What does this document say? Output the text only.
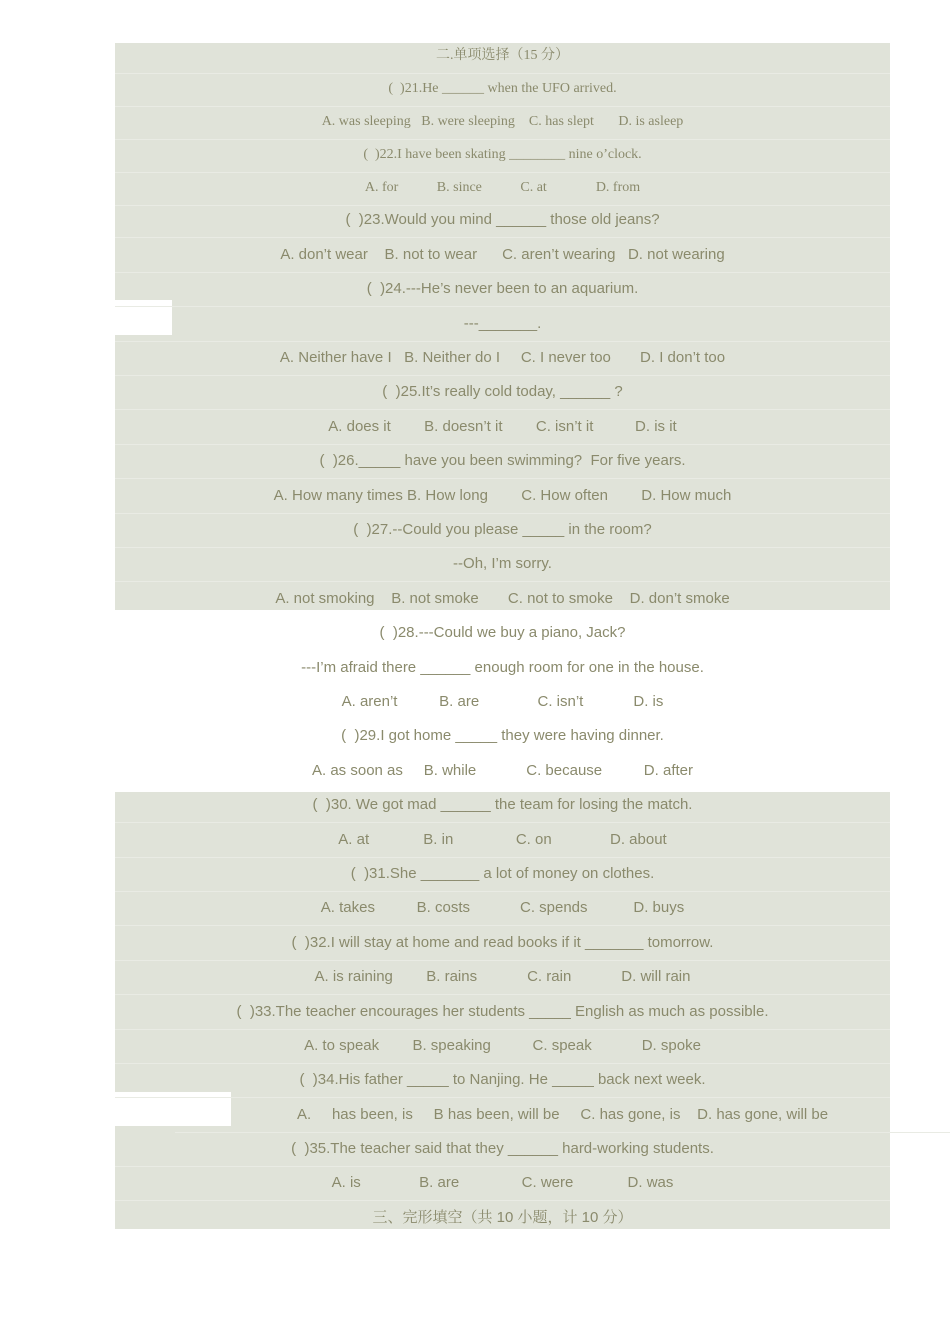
二.单项选择（15 分）
(  )21.He ______ when the UFO arrived.
A. was sleeping   B. were sleeping    C. has slept       D. is asleep
(  )22.I have been skating ________ nine o’clock.
A. for           B. since           C. at              D. from
(  )23.Would you mind ______ those old jeans?
A. don’t wear    B. not to wear      C. aren’t wearing   D. not wearing
(  )24.---He’s never been to an aquarium.
---_______.
A. Neither have I   B. Neither do I     C. I never too       D. I don’t too
(  )25.It’s really cold today, ______ ?
A. does it        B. doesn’t it        C. isn’t it          D. is it
(  )26._____ have you been swimming?  For five years.
A. How many times B. How long        C. How often        D. How much
(  )27.--Could you please _____ in the room?
--Oh, I’m sorry.
A. not smoking    B. not smoke       C. not to smoke    D. don’t smoke
(  )28.---Could we buy a piano, Jack?
---I’m afraid there ______ enough room for one in the house.
A. aren’t          B. are              C. isn’t            D. is
(  )29.I got home _____ they were having dinner.
A. as soon as     B. while            C. because          D. after
(  )30. We got mad ______ the team for losing the match.
A. at             B. in               C. on              D. about
(  )31.She _______ a lot of money on clothes.
A. takes          B. costs            C. spends           D. buys
(  )32.I will stay at home and read books if it _______ tomorrow.
A. is raining        B. rains            C. rain            D. will rain
(  )33.The teacher encourages her students _____ English as much as possible.
A. to speak        B. speaking          C. speak            D. spoke
(  )34.His father _____ to Nanjing. He _____ back next week.
A.     has been, is     B has been, will be     C. has gone, is    D. has gone, will be
(  )35.The teacher said that they ______ hard-working students.
A. is              B. are               C. were             D. was
三、完形填空（共 10 小题，计 10 分）
